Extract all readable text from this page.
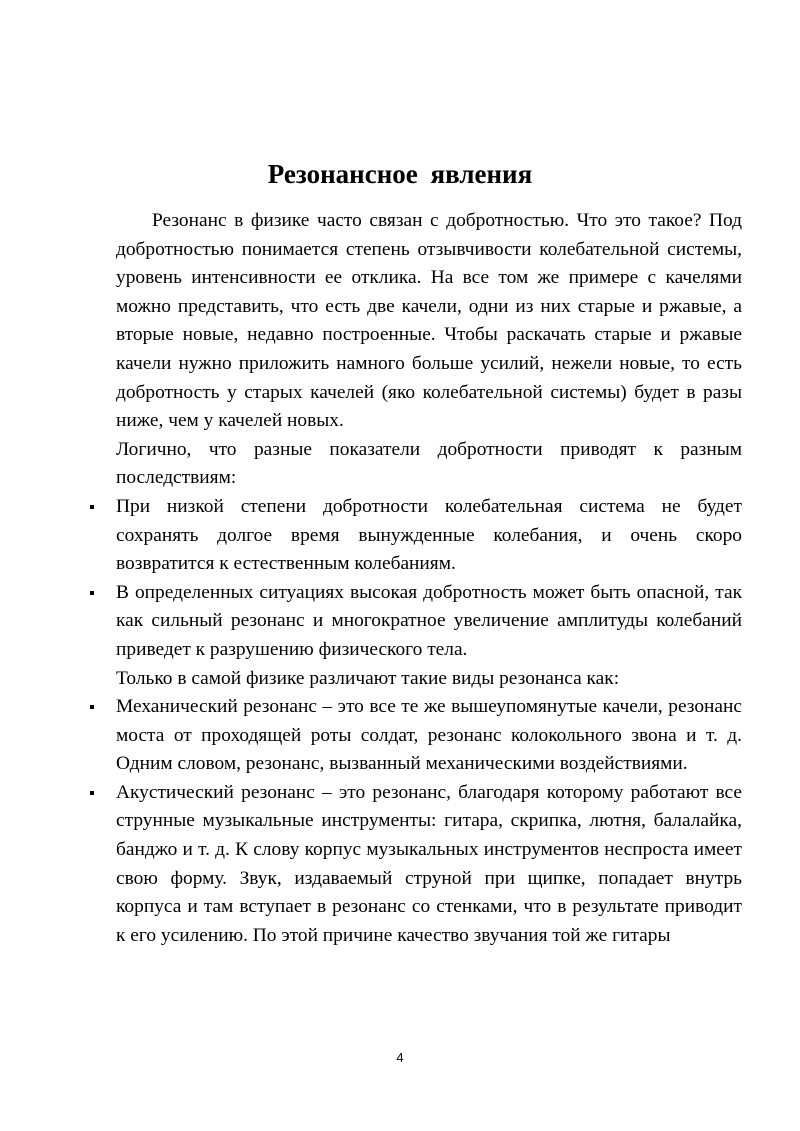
Резонансное явления

Резонанс в физике часто связан с добротностью. Что это такое? Под добротностью понимается степень отзывчивости колебательной системы, уровень интенсивности ее отклика. На все том же примере с качелями можно представить, что есть две качели, одни из них старые и ржавые, а вторые новые, недавно построенные. Чтобы раскачать старые и ржавые качели нужно приложить намного больше усилий, нежели новые, то есть добротность у старых качелей (яко колебательной системы) будет в разы ниже, чем у качелей новых.

Логично, что разные показатели добротности приводят к разным последствиям:

При низкой степени добротности колебательная система не будет сохранять долгое время вынужденные колебания, и очень скоро возвратится к естественным колебаниям.
В определенных ситуациях высокая добротность может быть опасной, так как сильный резонанс и многократное увеличение амплитуды колебаний приведет к разрушению физического тела.

Только в самой физике различают такие виды резонанса как:

Механический резонанс – это все те же вышеупомянутые качели, резонанс моста от проходящей роты солдат, резонанс колокольного звона и т. д. Одним словом, резонанс, вызванный механическими воздействиями.
Акустический резонанс – это резонанс, благодаря которому работают все струнные музыкальные инструменты: гитара, скрипка, лютня, балалайка, банджо и т. д. К слову корпус музыкальных инструментов неспроста имеет свою форму. Звук, издаваемый струной при щипке, попадает внутрь корпуса и там вступает в резонанс со стенками, что в результате приводит к его усилению. По этой причине качество звучания той же гитары
4
